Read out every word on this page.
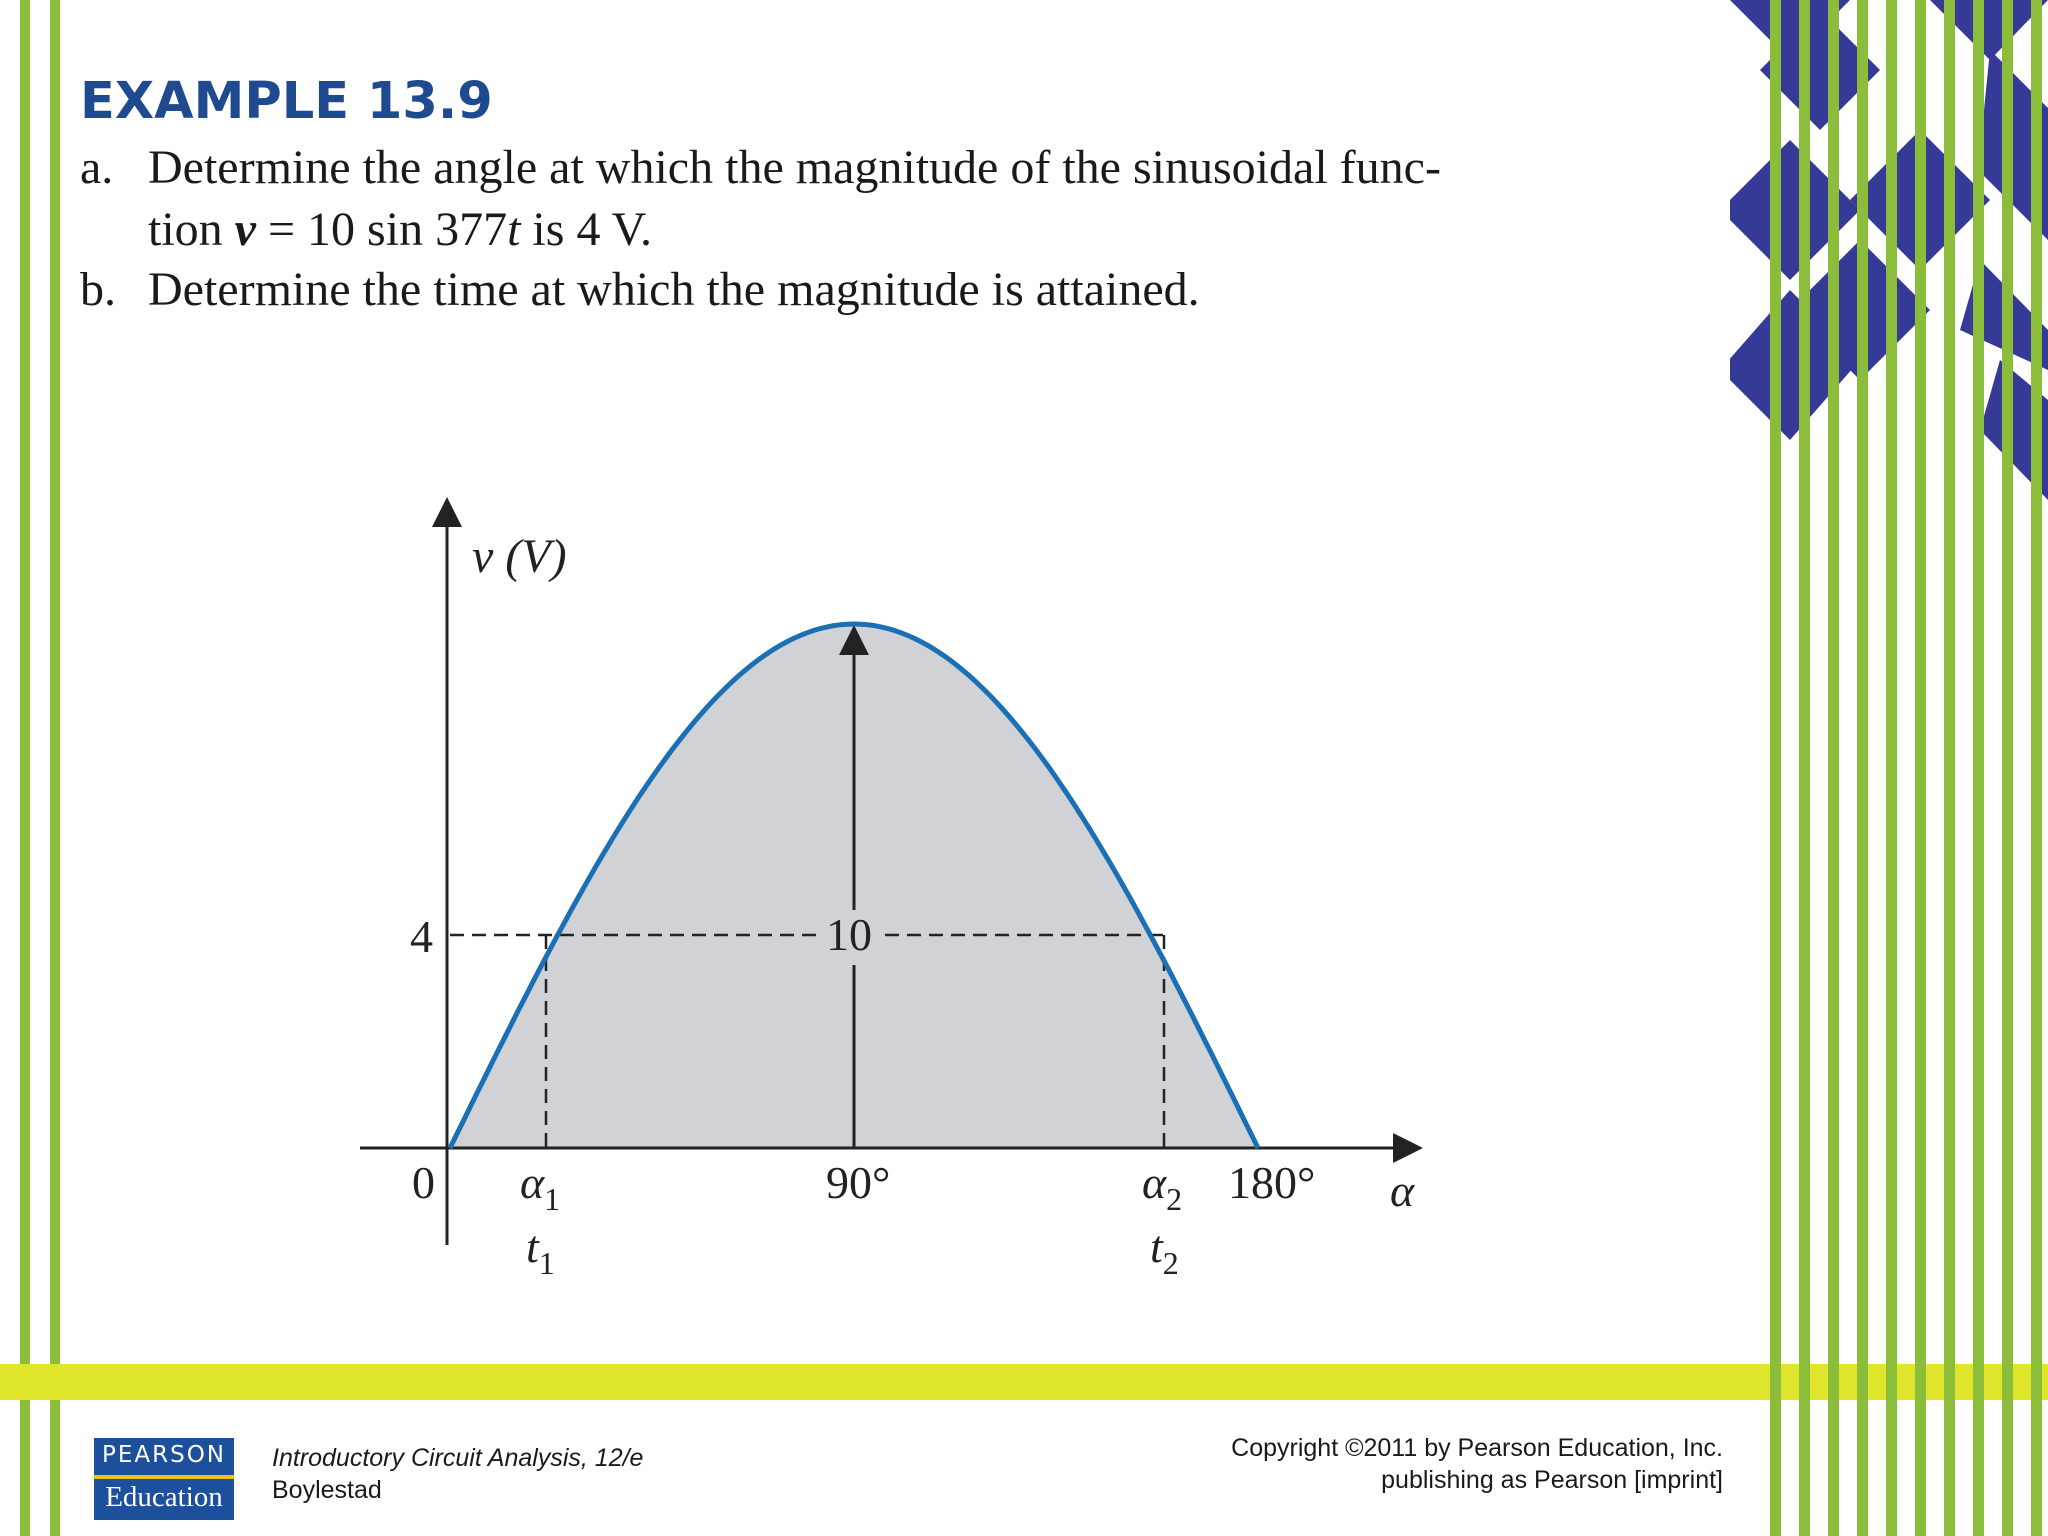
EXAMPLE 13.9
a. Determine the angle at which the magnitude of the sinusoidal func-
tion v = 10 sin 377t is 4 V.
b. Determine the time at which the magnitude is attained.
v (V)
4	10
0	90°	180° α
$\alpha_1$
$t_1$
$\alpha_2$
$t_2$
PEARSON
Education
Introductory Circuit Analysis, 12/e
Boylestad
Copyright ©2011 by Pearson Education, Inc.
publishing as Pearson [imprint]
